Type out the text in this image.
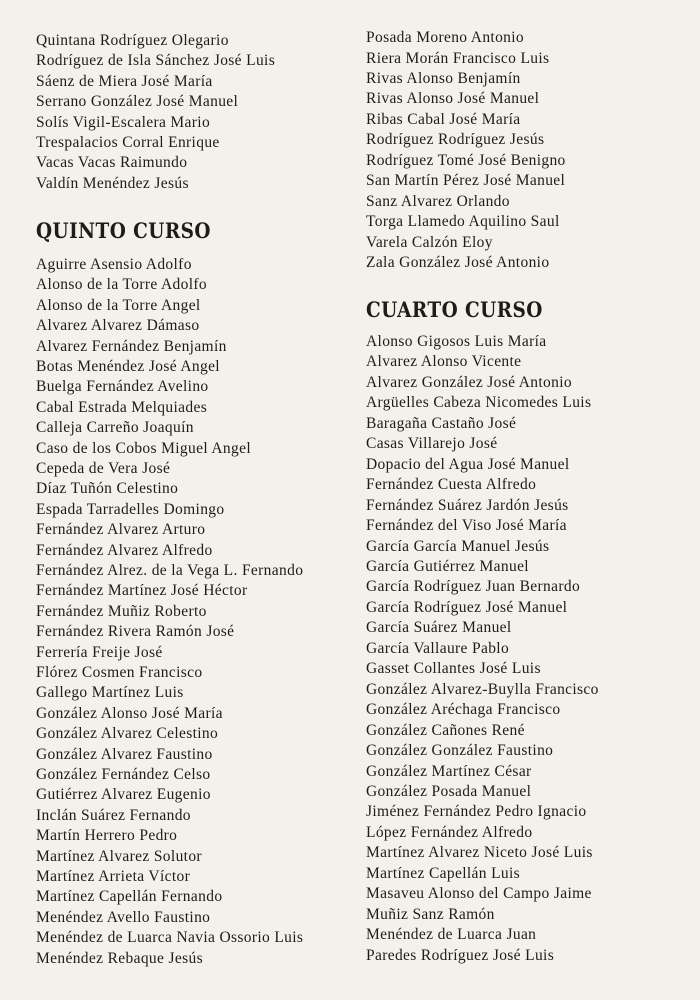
Quintana Rodríguez Olegario
Rodríguez de Isla Sánchez José Luis
Sáenz de Miera José María
Serrano González José Manuel
Solís Vigil-Escalera Mario
Trespalacios Corral Enrique
Vacas Vacas Raimundo
Valdín Menéndez Jesús
QUINTO CURSO
Aguirre Asensio Adolfo
Alonso de la Torre Adolfo
Alonso de la Torre Angel
Alvarez Alvarez Dámaso
Alvarez Fernández Benjamín
Botas Menéndez José Angel
Buelga Fernández Avelino
Cabal Estrada Melquiades
Calleja Carreño Joaquín
Caso de los Cobos Miguel Angel
Cepeda de Vera José
Díaz Tuñón Celestino
Espada Tarradelles Domingo
Fernández Alvarez Arturo
Fernández Alvarez Alfredo
Fernández Alrez. de la Vega L. Fernando
Fernández Martínez José Héctor
Fernández Muñiz Roberto
Fernández Rivera Ramón José
Ferrería Freije José
Flórez Cosmen Francisco
Gallego Martínez Luis
González Alonso José María
González Alvarez Celestino
González Alvarez Faustino
González Fernández Celso
Gutiérrez Alvarez Eugenio
Inclán Suárez Fernando
Martín Herrero Pedro
Martínez Alvarez Solutor
Martínez Arrieta Víctor
Martínez Capellán Fernando
Menéndez Avello Faustino
Menéndez de Luarca Navia Ossorio Luis
Menéndez Rebaque Jesús
Posada Moreno Antonio
Riera Morán Francisco Luis
Rivas Alonso Benjamín
Rivas Alonso José Manuel
Ribas Cabal José María
Rodríguez Rodríguez Jesús
Rodríguez Tomé José Benigno
San Martín Pérez José Manuel
Sanz Alvarez Orlando
Torga Llamedo Aquilino Saul
Varela Calzón Eloy
Zala González José Antonio
CUARTO CURSO
Alonso Gigosos Luis María
Alvarez Alonso Vicente
Alvarez González José Antonio
Argüelles Cabeza Nicomedes Luis
Baragaña Castaño José
Casas Villarejo José
Dopacio del Agua José Manuel
Fernández Cuesta Alfredo
Fernández Suárez Jardón Jesús
Fernández del Viso José María
García García Manuel Jesús
García Gutiérrez Manuel
García Rodríguez Juan Bernardo
García Rodríguez José Manuel
García Suárez Manuel
García Vallaure Pablo
Gasset Collantes José Luis
González Alvarez-Buylla Francisco
González Aréchaga Francisco
González Cañones René
González González Faustino
González Martínez César
González Posada Manuel
Jiménez Fernández Pedro Ignacio
López Fernández Alfredo
Martínez Alvarez Niceto José Luis
Martínez Capellán Luis
Masaveu Alonso del Campo Jaime
Muñiz Sanz Ramón
Menéndez de Luarca Juan
Paredes Rodríguez José Luis
